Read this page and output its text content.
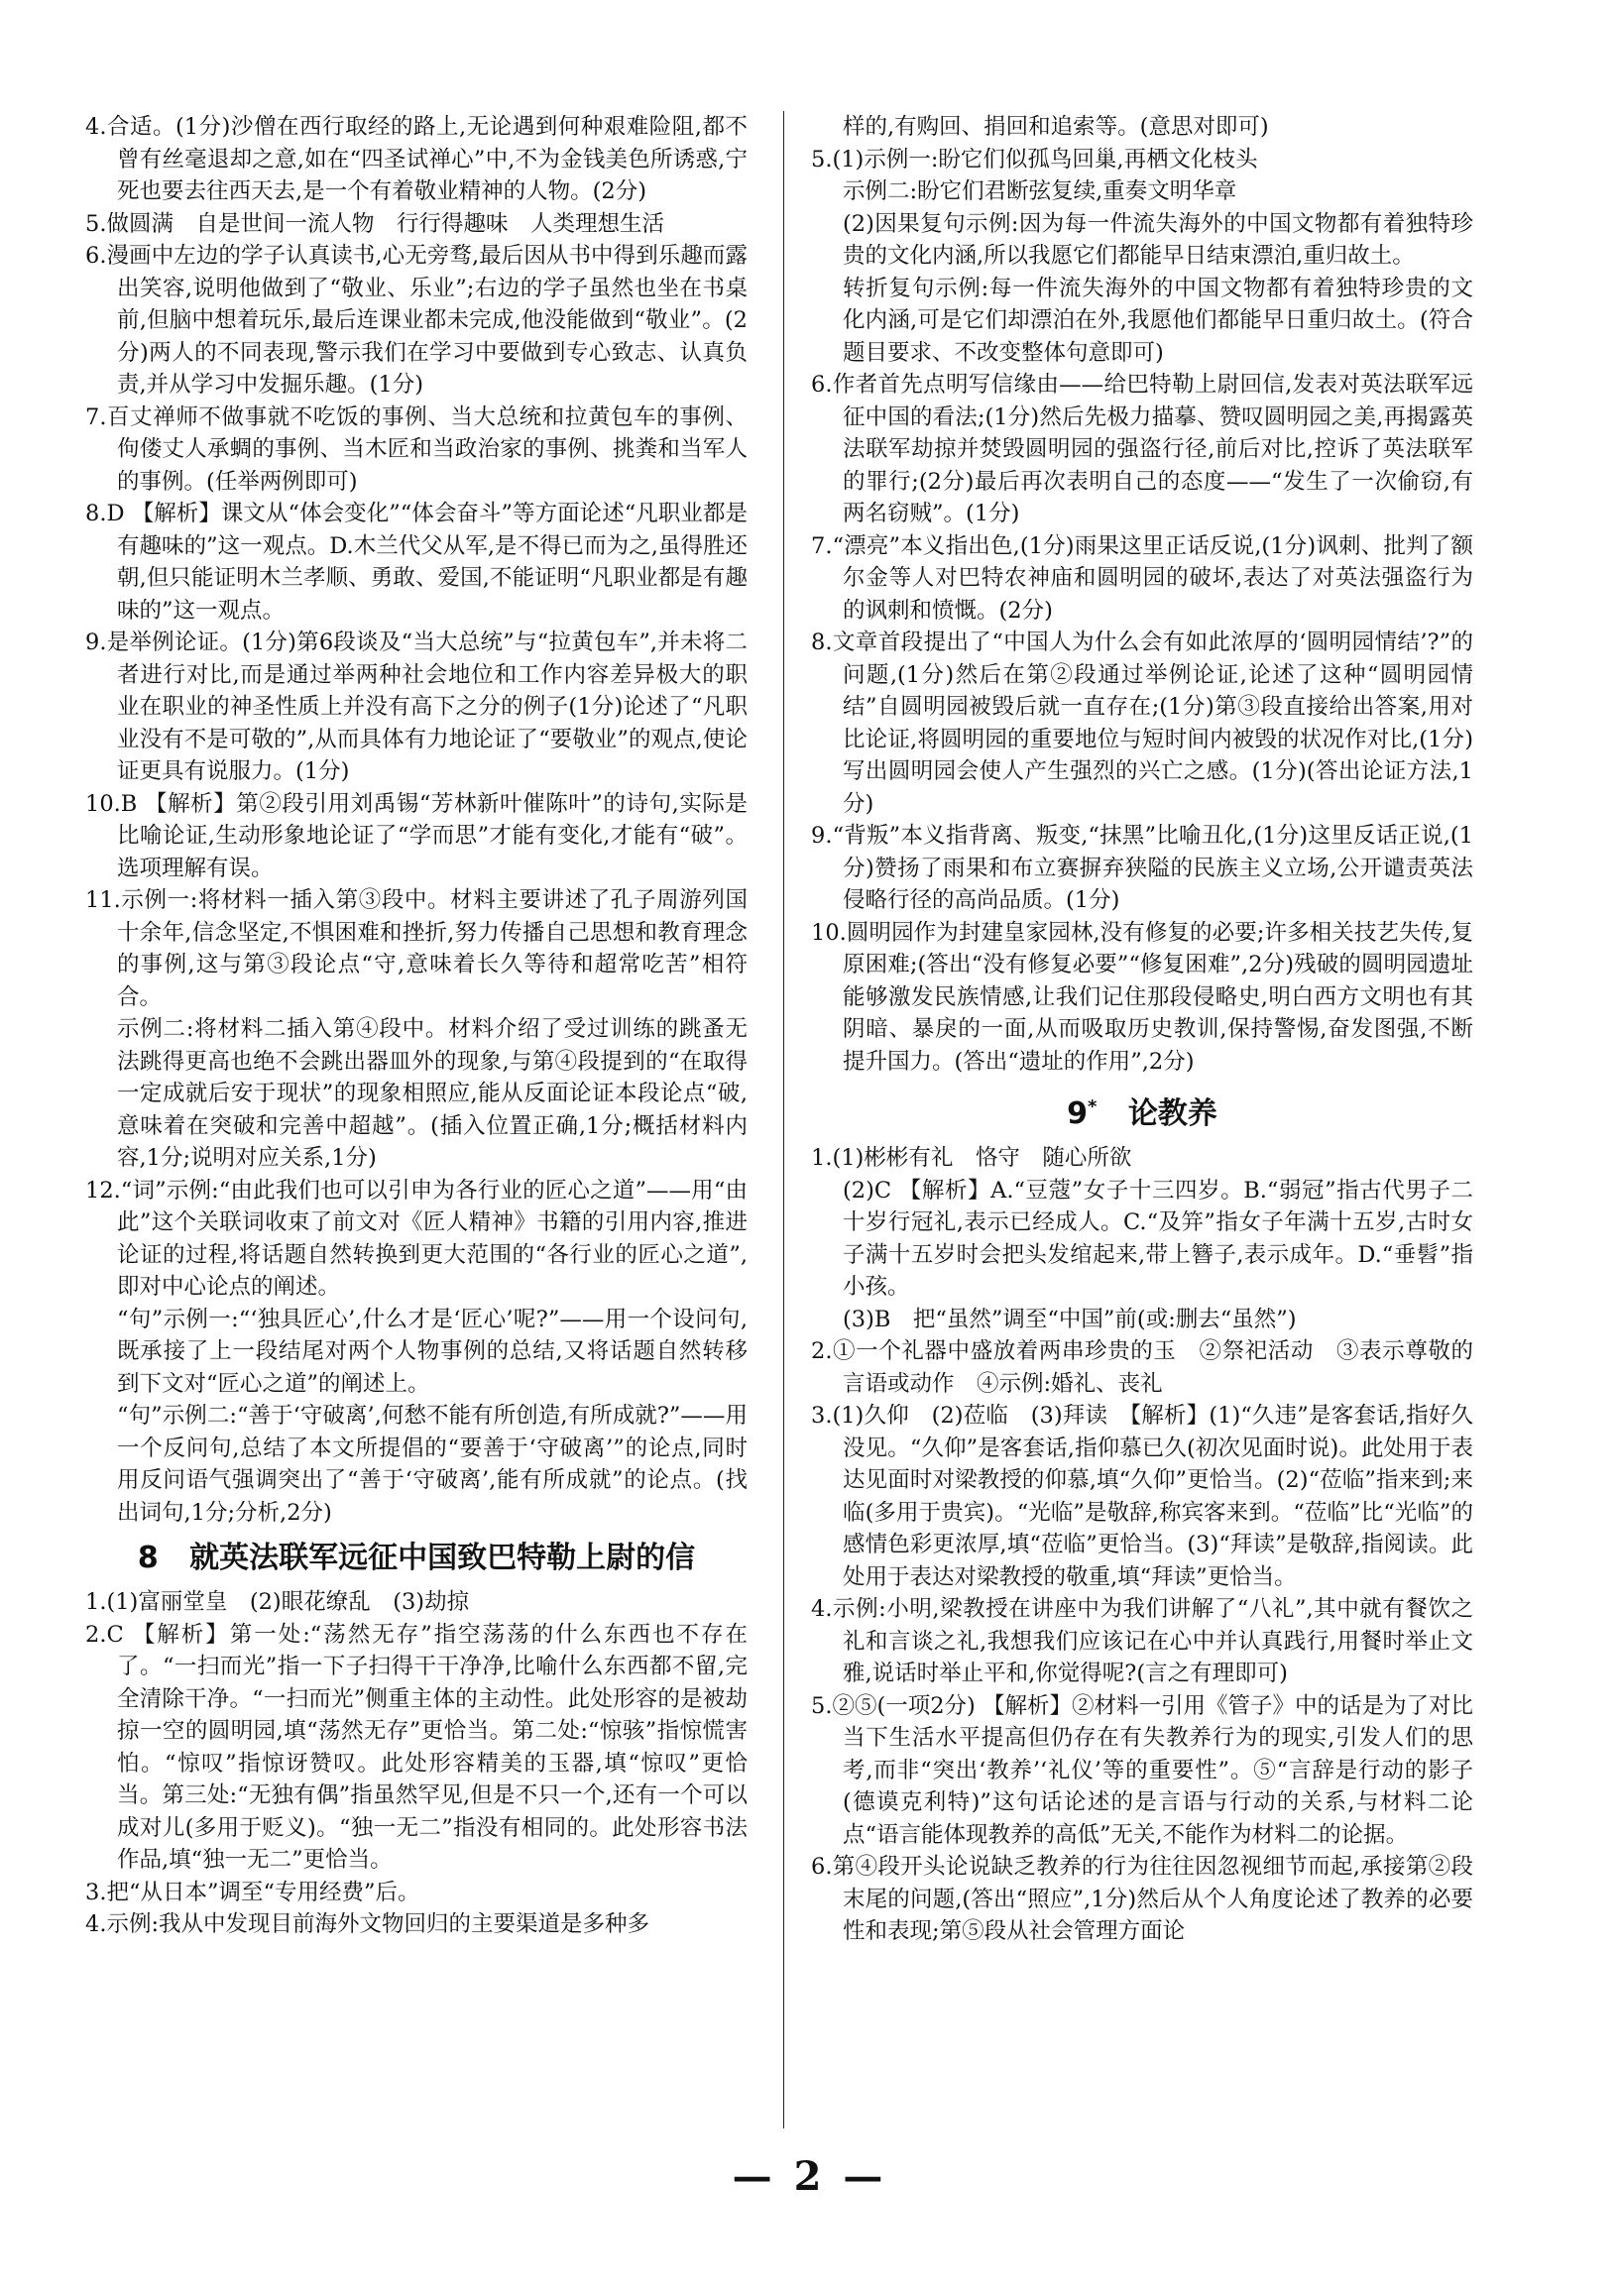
4.合适。(1分)沙僧在西行取经的路上,无论遇到何种艰难险阻,都不曾有丝毫退却之意,如在“四圣试禅心”中,不为金钱美色所诱惑,宁死也要去往西天去,是一个有着敬业精神的人物。(2分)

5.做圆满　自是世间一流人物　行行得趣味　人类理想生活

6.漫画中左边的学子认真读书,心无旁骛,最后因从书中得到乐趣而露出笑容,说明他做到了“敬业、乐业”;右边的学子虽然也坐在书桌前,但脑中想着玩乐,最后连课业都未完成,他没能做到“敬业”。(2分)两人的不同表现,警示我们在学习中要做到专心致志、认真负责,并从学习中发掘乐趣。(1分)

7.百丈禅师不做事就不吃饭的事例、当大总统和拉黄包车的事例、佝偻丈人承蜩的事例、当木匠和当政治家的事例、挑粪和当军人的事例。(任举两例即可)

8.D 【解析】课文从“体会变化”“体会奋斗”等方面论述“凡职业都是有趣味的”这一观点。D.木兰代父从军,是不得已而为之,虽得胜还朝,但只能证明木兰孝顺、勇敢、爱国,不能证明“凡职业都是有趣味的”这一观点。

9.是举例论证。(1分)第6段谈及“当大总统”与“拉黄包车”,并未将二者进行对比,而是通过举两种社会地位和工作内容差异极大的职业在职业的神圣性质上并没有高下之分的例子(1分)论述了“凡职业没有不是可敬的”,从而具体有力地论证了“要敬业”的观点,使论证更具有说服力。(1分)

10.B 【解析】第②段引用刘禹锡“芳林新叶催陈叶”的诗句,实际是比喻论证,生动形象地论证了“学而思”才能有变化,才能有“破”。选项理解有误。

11.示例一:将材料一插入第③段中。材料主要讲述了孔子周游列国十余年,信念坚定,不惧困难和挫折,努力传播自己思想和教育理念的事例,这与第③段论点“守,意味着长久等待和超常吃苦”相符合。

示例二:将材料二插入第④段中。材料介绍了受过训练的跳蚤无法跳得更高也绝不会跳出器皿外的现象,与第④段提到的“在取得一定成就后安于现状”的现象相照应,能从反面论证本段论点“破,意味着在突破和完善中超越”。(插入位置正确,1分;概括材料内容,1分;说明对应关系,1分)

12.“词”示例:“由此我们也可以引申为各行业的匠心之道”——用“由此”这个关联词收束了前文对《匠人精神》书籍的引用内容,推进论证的过程,将话题自然转换到更大范围的“各行业的匠心之道”,即对中心论点的阐述。

“句”示例一:“‘独具匠心’,什么才是‘匠心’呢?”——用一个设问句,既承接了上一段结尾对两个人物事例的总结,又将话题自然转移到下文对“匠心之道”的阐述上。

“句”示例二:“善于‘守破离’,何愁不能有所创造,有所成就?”——用一个反问句,总结了本文所提倡的“要善于‘守破离’”的论点,同时用反问语气强调突出了“善于‘守破离’,能有所成就”的论点。(找出词句,1分;分析,2分)

8 就英法联军远征中国致巴特勒上尉的信

1.(1)富丽堂皇　(2)眼花缭乱　(3)劫掠

2.C 【解析】第一处:“荡然无存”指空荡荡的什么东西也不存在了。“一扫而光”指一下子扫得干干净净,比喻什么东西都不留,完全清除干净。“一扫而光”侧重主体的主动性。此处形容的是被劫掠一空的圆明园,填“荡然无存”更恰当。第二处:“惊骇”指惊慌害怕。“惊叹”指惊讶赞叹。此处形容精美的玉器,填“惊叹”更恰当。第三处:“无独有偶”指虽然罕见,但是不只一个,还有一个可以成对儿(多用于贬义)。“独一无二”指没有相同的。此处形容书法作品,填“独一无二”更恰当。

3.把“从日本”调至“专用经费”后。

4.示例:我从中发现目前海外文物回归的主要渠道是多种多

样的,有购回、捐回和追索等。(意思对即可)

5.(1)示例一:盼它们似孤鸟回巢,再栖文化枝头

示例二:盼它们君断弦复续,重奏文明华章

(2)因果复句示例:因为每一件流失海外的中国文物都有着独特珍贵的文化内涵,所以我愿它们都能早日结束漂泊,重归故土。

转折复句示例:每一件流失海外的中国文物都有着独特珍贵的文化内涵,可是它们却漂泊在外,我愿他们都能早日重归故土。(符合题目要求、不改变整体句意即可)

6.作者首先点明写信缘由——给巴特勒上尉回信,发表对英法联军远征中国的看法;(1分)然后先极力描摹、赞叹圆明园之美,再揭露英法联军劫掠并焚毁圆明园的强盗行径,前后对比,控诉了英法联军的罪行;(2分)最后再次表明自己的态度——“发生了一次偷窃,有两名窃贼”。(1分)

7.“漂亮”本义指出色,(1分)雨果这里正话反说,(1分)讽刺、批判了额尔金等人对巴特农神庙和圆明园的破坏,表达了对英法强盗行为的讽刺和愤慨。(2分)

8.文章首段提出了“中国人为什么会有如此浓厚的‘圆明园情结’?”的问题,(1分)然后在第②段通过举例论证,论述了这种“圆明园情结”自圆明园被毁后就一直存在;(1分)第③段直接给出答案,用对比论证,将圆明园的重要地位与短时间内被毁的状况作对比,(1分)写出圆明园会使人产生强烈的兴亡之感。(1分)(答出论证方法,1分)

9.“背叛”本义指背离、叛变,“抹黑”比喻丑化,(1分)这里反话正说,(1分)赞扬了雨果和布立赛摒弃狭隘的民族主义立场,公开谴责英法侵略行径的高尚品质。(1分)

10.圆明园作为封建皇家园林,没有修复的必要;许多相关技艺失传,复原困难;(答出“没有修复必要”“修复困难”,2分)残破的圆明园遗址能够激发民族情感,让我们记住那段侵略史,明白西方文明也有其阴暗、暴戾的一面,从而吸取历史教训,保持警惕,奋发图强,不断提升国力。(答出“遗址的作用”,2分)

9* 论教养

1.(1)彬彬有礼　恪守　随心所欲

(2)C 【解析】A.“豆蔻”女子十三四岁。B.“弱冠”指古代男子二十岁行冠礼,表示已经成人。C.“及笄”指女子年满十五岁,古时女子满十五岁时会把头发绾起来,带上簪子,表示成年。D.“垂髫”指小孩。

(3)B　把“虽然”调至“中国”前(或:删去“虽然”)

2.①一个礼器中盛放着两串珍贵的玉　②祭祀活动　③表示尊敬的言语或动作　④示例:婚礼、丧礼

3.(1)久仰　(2)莅临　(3)拜读　【解析】(1)“久违”是客套话,指好久没见。“久仰”是客套话,指仰慕已久(初次见面时说)。此处用于表达见面时对梁教授的仰慕,填“久仰”更恰当。(2)“莅临”指来到;来临(多用于贵宾)。“光临”是敬辞,称宾客来到。“莅临”比“光临”的感情色彩更浓厚,填“莅临”更恰当。(3)“拜读”是敬辞,指阅读。此处用于表达对梁教授的敬重,填“拜读”更恰当。

4.示例:小明,梁教授在讲座中为我们讲解了“八礼”,其中就有餐饮之礼和言谈之礼,我想我们应该记在心中并认真践行,用餐时举止文雅,说话时举止平和,你觉得呢?(言之有理即可)

5.②⑤(一项2分) 【解析】②材料一引用《管子》中的话是为了对比当下生活水平提高但仍存在有失教养行为的现实,引发人们的思考,而非“突出‘教养’‘礼仪’等的重要性”。⑤“言辞是行动的影子(德谟克利特)”这句话论述的是言语与行动的关系,与材料二论点“语言能体现教养的高低”无关,不能作为材料二的论据。

6.第④段开头论说缺乏教养的行为往往因忽视细节而起,承接第②段末尾的问题,(答出“照应”,1分)然后从个人角度论述了教养的必要性和表现;第⑤段从社会管理方面论

— 2 —
